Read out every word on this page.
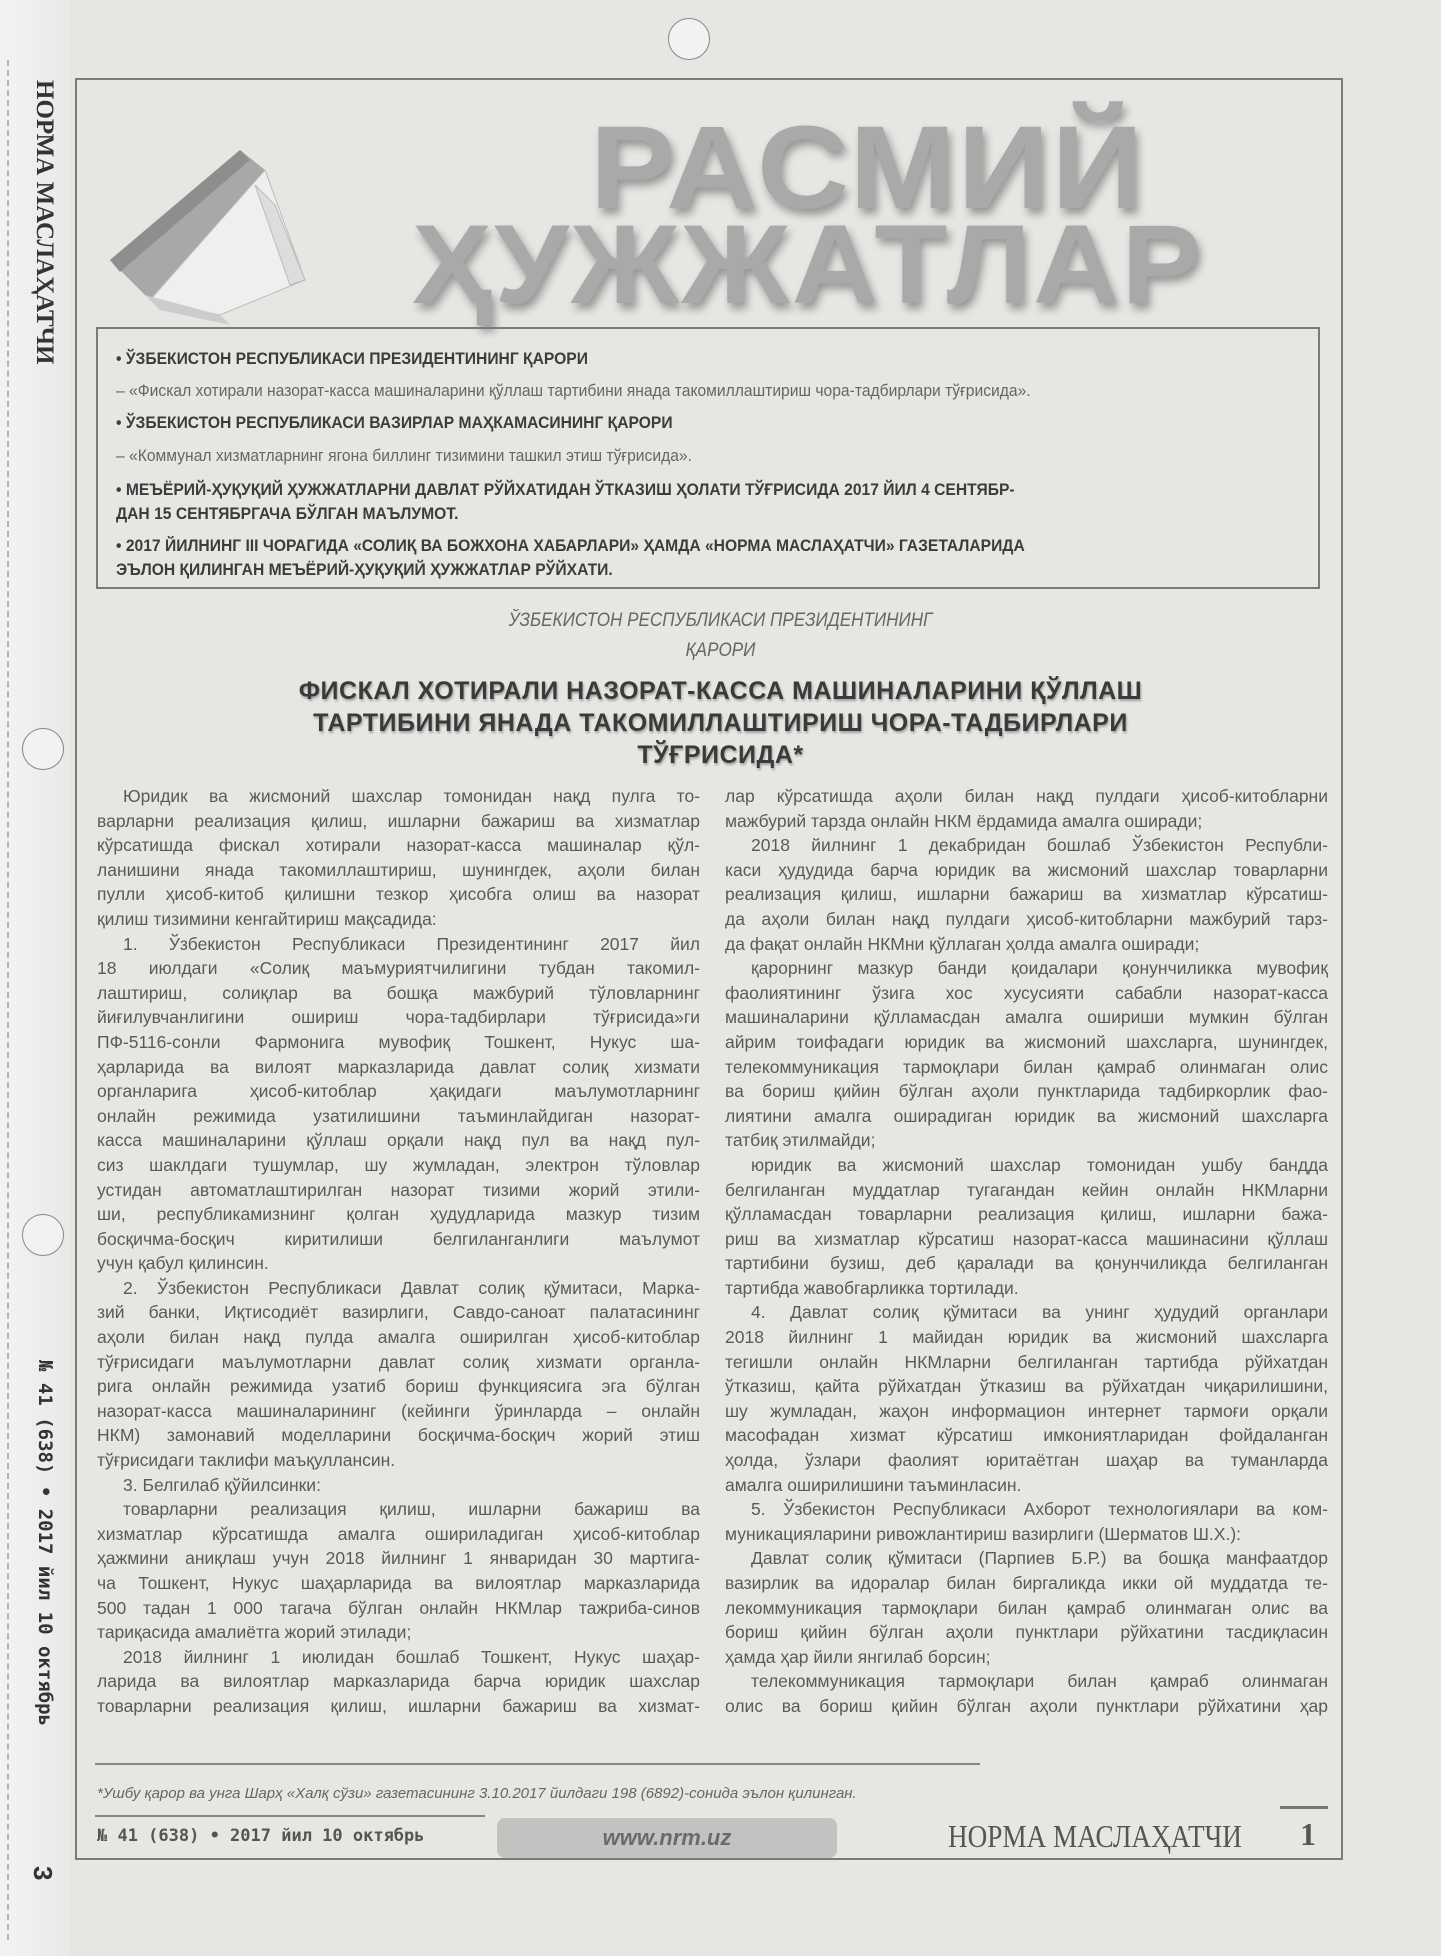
НОРМА МАСЛАҲАТЧИ
№ 41 (638) • 2017 йил 10 октябрь
3
РАСМИЙ
ҲУЖЖАТЛАР
• ЎЗБЕКИСТОН РЕСПУБЛИКАСИ ПРЕЗИДЕНТИНИНГ ҚАРОРИ
– «Фискал хотирали назорат-касса машиналарини қўллаш тартибини янада такомиллаштириш чора-тадбирлари тўғрисида».
• ЎЗБЕКИСТОН РЕСПУБЛИКАСИ ВАЗИРЛАР МАҲКАМАСИНИНГ ҚАРОРИ
– «Коммунал хизматларнинг ягона биллинг тизимини ташкил этиш тўғрисида».
• МЕЪЁРИЙ-ҲУҚУҚИЙ ҲУЖЖАТЛАРНИ ДАВЛАТ РЎЙХАТИДАН ЎТКАЗИШ ҲОЛАТИ ТЎҒРИСИДА 2017 ЙИЛ 4 СЕНТЯБР-
ДАН 15 СЕНТЯБРГАЧА БЎЛГАН МАЪЛУМОТ.
• 2017 ЙИЛНИНГ III ЧОРАГИДА «СОЛИҚ ВА БОЖХОНА ХАБАРЛАРИ» ҲАМДА «НОРМА МАСЛАҲАТЧИ» ГАЗЕТАЛАРИДА
ЭЪЛОН ҚИЛИНГАН МЕЪЁРИЙ-ҲУҚУҚИЙ ҲУЖЖАТЛАР РЎЙХАТИ.
ЎЗБЕКИСТОН РЕСПУБЛИКАСИ ПРЕЗИДЕНТИНИНГ
ҚАРОРИ
ФИСКАЛ ХОТИРАЛИ НАЗОРАТ-КАССА МАШИНАЛАРИНИ ҚЎЛЛАШ
ТАРТИБИНИ ЯНАДА ТАКОМИЛЛАШТИРИШ ЧОРА-ТАДБИРЛАРИ
ТЎҒРИСИДА*
Юридик ва жисмоний шахслар томонидан нақд пулга то-
варларни реализация қилиш, ишларни бажариш ва хизматлар
кўрсатишда фискал хотирали назорат-касса машиналар қўл-
ланишини янада такомиллаштириш, шунингдек, аҳоли билан
пулли ҳисоб-китоб қилишни тезкор ҳисобга олиш ва назорат
қилиш тизимини кенгайтириш мақсадида:
1. Ўзбекистон Республикаси Президентининг 2017 йил
18 июлдаги «Солиқ маъмуриятчилигини тубдан такомил-
лаштириш, солиқлар ва бошқа мажбурий тўловларнинг
йиғилувчанлигини ошириш чора-тадбирлари тўғрисида»ги
ПФ-5116-сонли Фармонига мувофиқ Тошкент, Нукус ша-
ҳарларида ва вилоят марказларида давлат солиқ хизмати
органларига ҳисоб-китоблар ҳақидаги маълумотларнинг
онлайн режимида узатилишини таъминлайдиган назорат-
касса машиналарини қўллаш орқали нақд пул ва нақд пул-
сиз шаклдаги тушумлар, шу жумладан, электрон тўловлар
устидан автоматлаштирилган назорат тизими жорий этили-
ши, республикамизнинг қолган ҳудудларида мазкур тизим
босқичма-босқич киритилиши белгиланганлиги маълумот
учун қабул қилинсин.
2. Ўзбекистон Республикаси Давлат солиқ қўмитаси, Марка-
зий банки, Иқтисодиёт вазирлиги, Савдо-саноат палатасининг
аҳоли билан нақд пулда амалга оширилган ҳисоб-китоблар
тўғрисидаги маълумотларни давлат солиқ хизмати органла-
рига онлайн режимида узатиб бориш функциясига эга бўлган
назорат-касса машиналарининг (кейинги ўринларда – онлайн
НКМ) замонавий моделларини босқичма-босқич жорий этиш
тўғрисидаги таклифи маъқуллансин.
3. Белгилаб қўйилсинки:
товарларни реализация қилиш, ишларни бажариш ва
хизматлар кўрсатишда амалга ошириладиган ҳисоб-китоблар
ҳажмини аниқлаш учун 2018 йилнинг 1 январидан 30 мартига-
ча Тошкент, Нукус шаҳарларида ва вилоятлар марказларида
500 тадан 1 000 тагача бўлган онлайн НКМлар тажриба-синов
тариқасида амалиётга жорий этилади;
2018 йилнинг 1 июлидан бошлаб Тошкент, Нукус шаҳар-
ларида ва вилоятлар марказларида барча юридик шахслар
товарларни реализация қилиш, ишларни бажариш ва хизмат-
лар кўрсатишда аҳоли билан нақд пулдаги ҳисоб-китобларни
мажбурий тарзда онлайн НКМ ёрдамида амалга оширади;
2018 йилнинг 1 декабридан бошлаб Ўзбекистон Республи-
каси ҳудудида барча юридик ва жисмоний шахслар товарларни
реализация қилиш, ишларни бажариш ва хизматлар кўрсатиш-
да аҳоли билан нақд пулдаги ҳисоб-китобларни мажбурий тарз-
да фақат онлайн НКМни қўллаган ҳолда амалга оширади;
қарорнинг мазкур банди қоидалари қонунчиликка мувофиқ
фаолиятининг ўзига хос хусусияти сабабли назорат-касса
машиналарини қўлламасдан амалга ошириши мумкин бўлган
айрим тоифадаги юридик ва жисмоний шахсларга, шунингдек,
телекоммуникация тармоқлари билан қамраб олинмаган олис
ва бориш қийин бўлган аҳоли пунктларида тадбиркорлик фао-
лиятини амалга оширадиган юридик ва жисмоний шахсларга
татбиқ этилмайди;
юридик ва жисмоний шахслар томонидан ушбу бандда
белгиланган муддатлар тугагандан кейин онлайн НКМларни
қўлламасдан товарларни реализация қилиш, ишларни бажа-
риш ва хизматлар кўрсатиш назорат-касса машинасини қўллаш
тартибини бузиш, деб қаралади ва қонунчиликда белгиланган
тартибда жавобгарликка тортилади.
4. Давлат солиқ қўмитаси ва унинг ҳудудий органлари
2018 йилнинг 1 майидан юридик ва жисмоний шахсларга
тегишли онлайн НКМларни белгиланган тартибда рўйхатдан
ўтказиш, қайта рўйхатдан ўтказиш ва рўйхатдан чиқарилишини,
шу жумладан, жаҳон информацион интернет тармоғи орқали
масофадан хизмат кўрсатиш имкониятларидан фойдаланган
ҳолда, ўзлари фаолият юритаётган шаҳар ва туманларда
амалга оширилишини таъминласин.
5. Ўзбекистон Республикаси Ахборот технологиялари ва ком-
муникацияларини ривожлантириш вазирлиги (Шерматов Ш.Х.):
Давлат солиқ қўмитаси (Парпиев Б.Р.) ва бошқа манфаатдор
вазирлик ва идоралар билан биргаликда икки ой муддатда те-
лекоммуникация тармоқлари билан қамраб олинмаган олис ва
бориш қийин бўлган аҳоли пунктлари рўйхатини тасдиқласин
ҳамда ҳар йили янгилаб борсин;
телекоммуникация тармоқлари билан қамраб олинмаган
олис ва бориш қийин бўлган аҳоли пунктлари рўйхатини ҳар
*Ушбу қарор ва унга Шарҳ «Халқ сўзи» газетасининг 3.10.2017 йилдаги 198 (6892)-сонида эълон қилинган.
№ 41 (638) • 2017 йил 10 октябрь	www.nrm.uz	НОРМА МАСЛАҲАТЧИ 1
